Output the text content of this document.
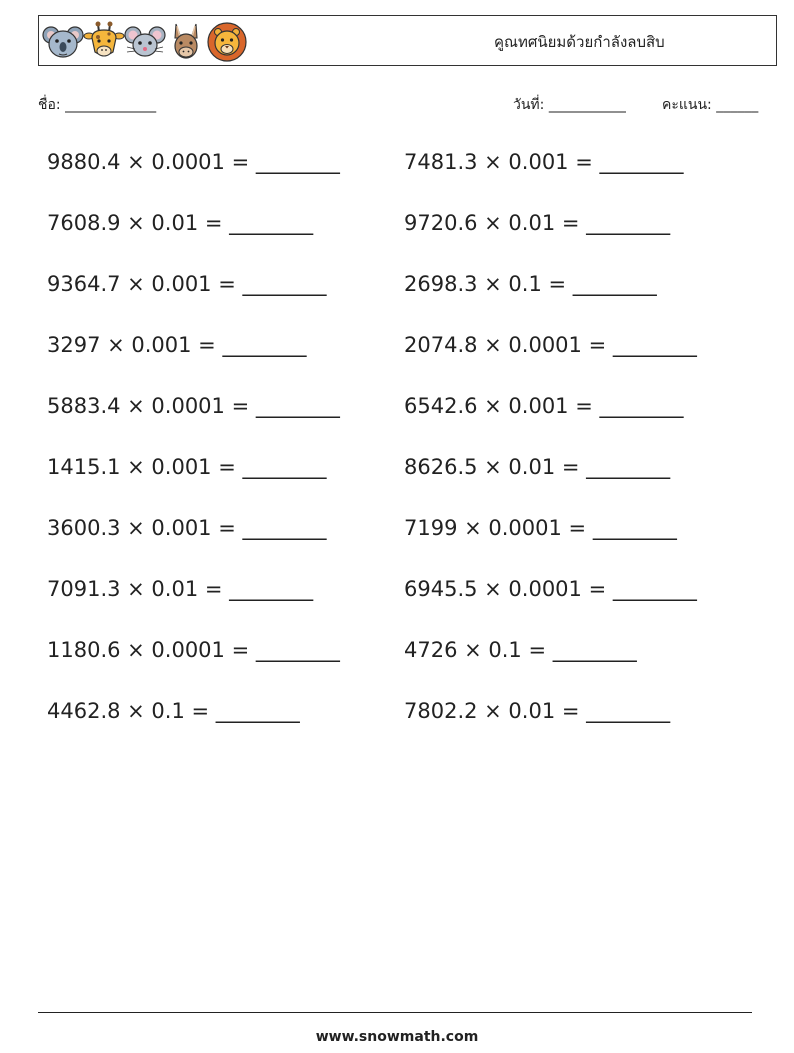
คูณทศนิยมด้วยกำลังลบสิบ
ชื่อ: _____________	วันที่: ___________	คะแนน: ______
9880.4 × 0.0001 = ________
7608.9 × 0.01 = ________
9364.7 × 0.001 = ________
3297 × 0.001 = ________
5883.4 × 0.0001 = ________
1415.1 × 0.001 = ________
3600.3 × 0.001 = ________
7091.3 × 0.01 = ________
1180.6 × 0.0001 = ________
4462.8 × 0.1 = ________
7481.3 × 0.001 = ________
9720.6 × 0.01 = ________
2698.3 × 0.1 = ________
2074.8 × 0.0001 = ________
6542.6 × 0.001 = ________
8626.5 × 0.01 = ________
7199 × 0.0001 = ________
6945.5 × 0.0001 = ________
4726 × 0.1 = ________
7802.2 × 0.01 = ________
www.snowmath.com
